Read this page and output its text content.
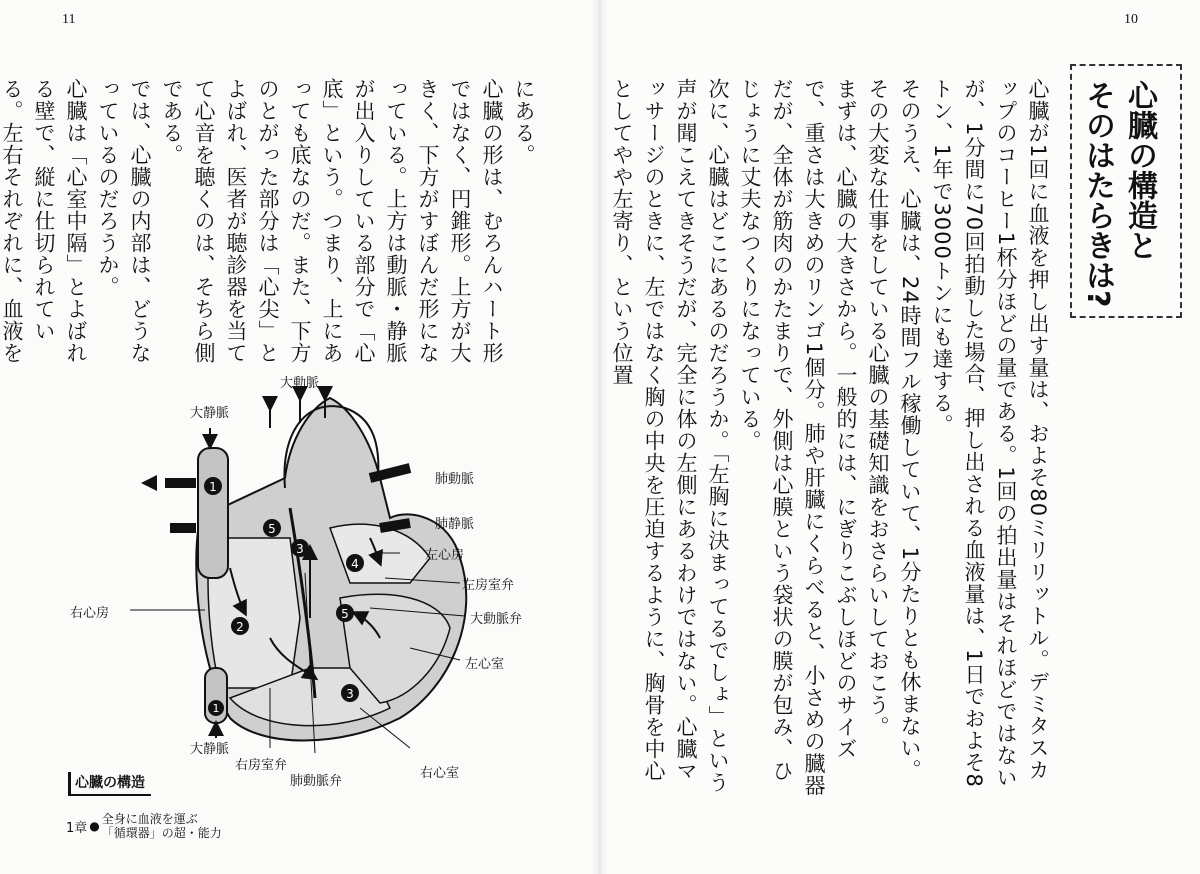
11
にある。
心臓の形は、むろんハート形ではなく、円錐形。上方が大きく、下方がすぼんだ形になっている。上方は動脈・静脈が出入りしている部分で「心底」という。つまり、上にあっても底なのだ。また、下方のとがった部分は「心尖」とよばれ、医者が聴診器を当てて心音を聴くのは、そちら側である。
では、心臓の内部は、どうなっているのだろうか。
心臓は「心室中隔」とよばれる壁で、縦に仕切られている。左右それぞれに、血液を
1
2
3
3
4
5
5
1
大動脈
大静脈
肺動脈
肺静脈
左心房
左房室弁
大動脈弁
左心室
右心房
大静脈
右房室弁
肺動脈弁
右心室
心臓の構造
1章 ● 全身に血液を運ぶ
「循環器」の超・能力
10
心臓の構造と
そのはたらきは?
心臓が1回に血液を押し出す量は、およそ80ミリリットル。デミタスカップのコーヒー1杯分ほどの量である。1回の拍出量はそれほどではないが、1分間に70回拍動した場合、押し出される血液量は、1日でおよそ8トン、1年で3000トンにも達する。
そのうえ、心臓は、24時間フル稼働していて、1分たりとも休まない。その大変な仕事をしている心臓の基礎知識をおさらいしておこう。
まずは、心臓の大きさから。一般的には、にぎりこぶしほどのサイズで、重さは大きめのリンゴ1個分。肺や肝臓にくらべると、小さめの臓器だが、全体が筋肉のかたまりで、外側は心膜という袋状の膜が包み、ひじょうに丈夫なつくりになっている。
次に、心臓はどこにあるのだろうか。「左胸に決まってるでしょ」という声が聞こえてきそうだが、完全に体の左側にあるわけではない。心臓マッサージのときに、左ではなく胸の中央を圧迫するように、胸骨を中心としてやや左寄り、という位置
